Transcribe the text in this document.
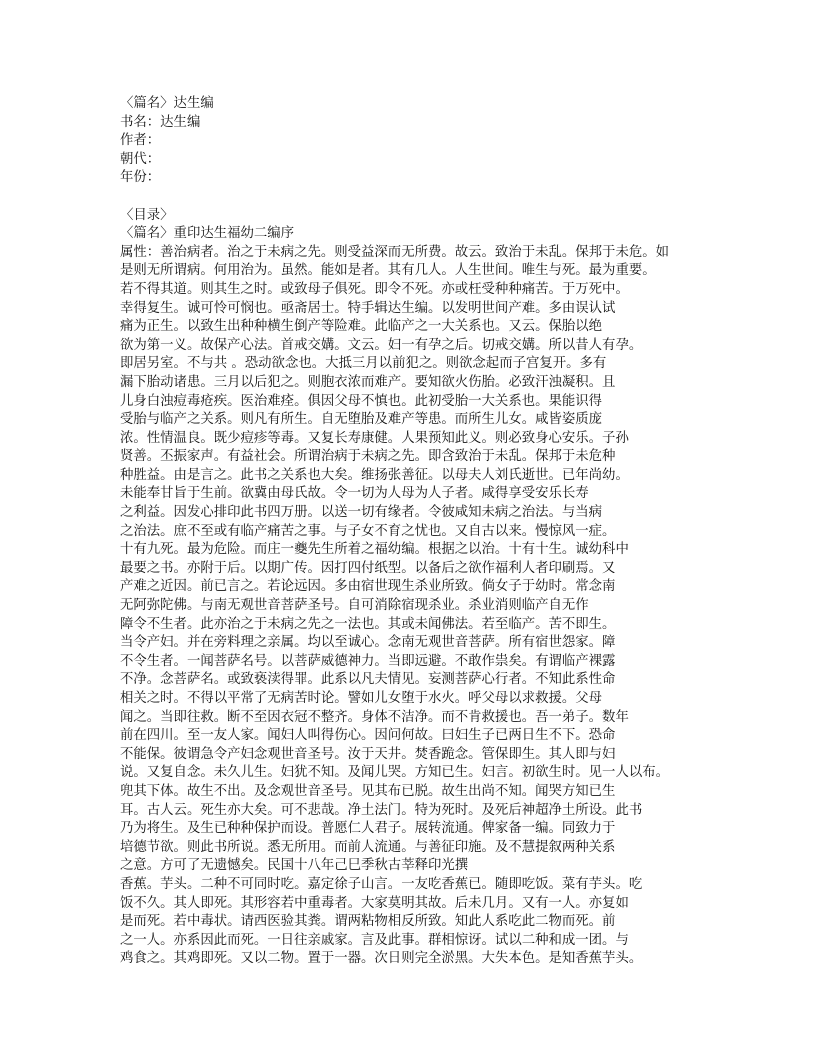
〈篇名〉达生编
书名：达生编
作者：
朝代：
年份：
〈目录〉
〈篇名〉重印达生福幼二编序
属性：善治病者。治之于未病之先。则受益深而无所费。故云。致治于未乱。保邦于未危。如
是则无所谓病。何用治为。虽然。能如是者。其有几人。人生世间。唯生与死。最为重要。
若不得其道。则其生之时。或致母子俱死。即令不死。亦或枉受种种痛苦。于万死中。
幸得复生。诚可怜可悯也。亟斋居士。特手辑达生编。以发明世间产难。多由误认试
痛为正生。以致生出种种横生倒产等险难。此临产之一大关系也。又云。保胎以绝
欲为第一义。故保产心法。首戒交媾。文云。妇一有孕之后。切戒交媾。所以昔人有孕。
即居另室。不与共 。恐动欲念也。大抵三月以前犯之。则欲念起而子宫复开。多有
漏下胎动诸患。三月以后犯之。则胞衣浓而难产。要知欲火伤胎。必致汗浊凝积。且
儿身白浊痘毒疮疾。医治难痊。俱因父母不慎也。此初受胎一大关系也。果能识得
受胎与临产之关系。则凡有所生。自无堕胎及难产等患。而所生儿女。咸皆姿质庞
浓。性情温良。既少痘疹等毒。又复长寿康健。人果预知此义。则必致身心安乐。子孙
贤善。丕振家声。有益社会。所谓治病于未病之先。即含致治于未乱。保邦于未危种
种胜益。由是言之。此书之关系也大矣。维扬张善征。以母夫人刘氏逝世。已年尚幼。
未能奉甘旨于生前。欲冀由母氏故。令一切为人母为人子者。咸得享受安乐长寿
之利益。因发心排印此书四万册。以送一切有缘者。令彼咸知未病之治法。与当病
之治法。庶不至或有临产痛苦之事。与子女不育之忧也。又自古以来。慢惊风一症。
十有九死。最为危险。而庄一夔先生所着之福幼编。根据之以治。十有十生。诚幼科中
最要之书。亦附于后。以期广传。因打四付纸型。以备后之欲作福利人者印刷焉。又
产难之近因。前已言之。若论远因。多由宿世现生杀业所致。倘女子于幼时。常念南
无阿弥陀佛。与南无观世音菩萨圣号。自可消除宿现杀业。杀业消则临产自无作
障令不生者。此亦治之于未病之先之一法也。其或未闻佛法。若至临产。苦不即生。
当令产妇。并在旁料理之亲属。均以至诚心。念南无观世音菩萨。所有宿世怨家。障
不令生者。一闻菩萨名号。以菩萨威德神力。当即远避。不敢作祟矣。有谓临产裸露
不净。念菩萨名。或致亵渎得罪。此系以凡夫情见。妄测菩萨心行者。不知此系性命
相关之时。不得以平常了无病苦时论。譬如儿女堕于水火。呼父母以求救援。父母
闻之。当即往救。断不至因衣冠不整齐。身体不洁净。而不肯救援也。吾一弟子。数年
前在四川。至一友人家。闻妇人叫得伤心。因问何故。曰妇生子已两日生不下。恐命
不能保。彼谓急令产妇念观世音圣号。汝于天井。焚香跪念。管保即生。其人即与妇
说。又复自念。未久儿生。妇犹不知。及闻儿哭。方知已生。妇言。初欲生时。见一人以布。
兜其下体。故生不出。及念观世音圣号。见其布已脱。故生出尚不知。闻哭方知已生
耳。古人云。死生亦大矣。可不悲哉。净土法门。特为死时。及死后神超净土所设。此书
乃为将生。及生已种种保护而设。普愿仁人君子。展转流通。俾家备一编。同致力于
培德节欲。则此书所说。悉无所用。而前人流通。与善征印施。及不慧提叙两种关系
之意。方可了无遗憾矣。民国十八年己巳季秋古莘释印光撰
香蕉。芋头。二种不可同时吃。嘉定徐子山言。一友吃香蕉已。随即吃饭。菜有芋头。吃
饭不久。其人即死。其形容若中重毒者。大家莫明其故。后未几月。又有一人。亦复如
是而死。若中毒状。请西医验其粪。谓两粘物相反所致。知此人系吃此二物而死。前
之一人。亦系因此而死。一日往亲戚家。言及此事。群相惊讶。试以二种和成一团。与
鸡食之。其鸡即死。又以二物。置于一器。次日则完全淤黑。大失本色。是知香蕉芋头。
